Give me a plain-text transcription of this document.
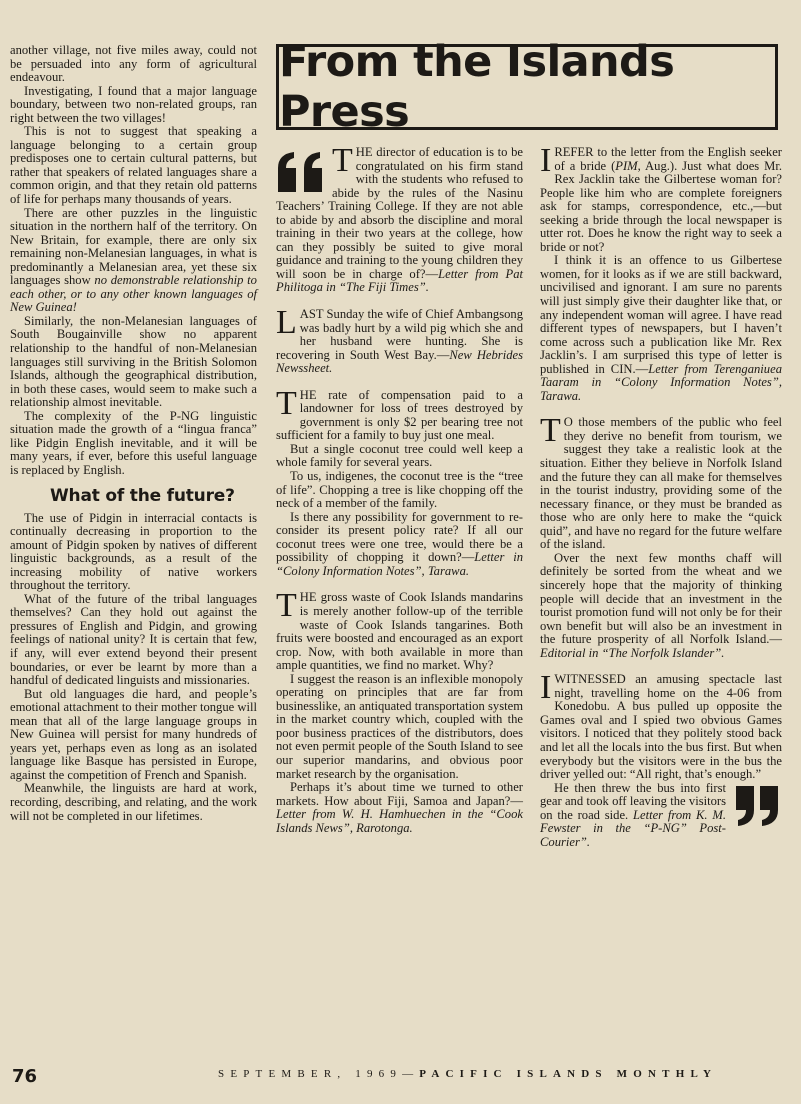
another village, not five miles away, could not be persuaded into any form of agricultural endeavour.

Investigating, I found that a major language boundary, between two non-related groups, ran right between the two villages!

This is not to suggest that speaking a language belonging to a certain group predisposes one to certain cultural patterns, but rather that speakers of related languages share a common origin, and that they retain old patterns of life for perhaps many thousands of years.

There are other puzzles in the linguistic situation in the northern half of the territory. On New Britain, for example, there are only six remaining non-Melanesian languages, in what is predominantly a Melanesian area, yet these six languages show no demonstrable relationship to each other, or to any other known languages of New Guinea!

Similarly, the non-Melanesian languages of South Bougainville show no apparent relationship to the handful of non-Melanesian languages still surviving in the British Solomon Islands, although the geographical distribution, in both these cases, would seem to make such a relationship almost inevitable.

The complexity of the P-NG linguistic situation made the growth of a “lingua franca” like Pidgin English inevitable, and it will be many years, if ever, before this useful language is replaced by English.

What of the future?

The use of Pidgin in interracial contacts is continually decreasing in proportion to the amount of Pidgin spoken by natives of different linguistic backgrounds, as a result of the increasing mobility of native workers throughout the territory.

What of the future of the tribal languages themselves? Can they hold out against the pressures of English and Pidgin, and growing feelings of national unity? It is certain that few, if any, will ever extend beyond their present boundaries, or ever be learnt by more than a handful of dedicated linguists and missionaries.

But old languages die hard, and people’s emotional attachment to their mother tongue will mean that all of the large language groups in New Guinea will persist for many hundreds of years yet, perhaps even as long as an isolated language like Basque has persisted in Europe, against the competition of French and Spanish.

Meanwhile, the linguists are hard at work, recording, describing, and relating, and the work will not be completed in our lifetimes.

From the Islands Press

THE director of education is to be congratulated on his firm stand with the students who refused to abide by the rules of the Nasinu Teachers’ Training College. If they are not able to abide by and absorb the discipline and moral training in their two years at the college, how can they possibly be suited to give moral guidance and training to the young children they will soon be in charge of?—Letter from Pat Philitoga in “The Fiji Times”.

LAST Sunday the wife of Chief Ambangsong was badly hurt by a wild pig which she and her husband were hunting. She is recovering in South West Bay.—New Hebrides Newssheet.

THE rate of compensation paid to a landowner for loss of trees destroyed by government is only $2 per bearing tree not sufficient for a family to buy just one meal.

But a single coconut tree could well keep a whole family for several years.

To us, indigenes, the coconut tree is the “tree of life”. Chopping a tree is like chopping off the neck of a member of the family.

Is there any possibility for government to re-consider its present policy rate? If all our coconut trees were one tree, would there be a possibility of chopping it down?—Letter in “Colony Information Notes”, Tarawa.

THE gross waste of Cook Islands mandarins is merely another follow-up of the terrible waste of Cook Islands tangarines. Both fruits were boosted and encouraged as an export crop. Now, with both available in more than ample quantities, we find no market. Why?

I suggest the reason is an inflexible monopoly operating on principles that are far from businesslike, an antiquated transportation system in the market country which, coupled with the poor business practices of the distributors, does not even permit people of the South Island to see our superior mandarins, and obvious poor market research by the organisation.

Perhaps it’s about time we turned to other markets. How about Fiji, Samoa and Japan?—Letter from W. H. Hamhuechen in the “Cook Islands News”, Rarotonga.

IREFER to the letter from the English seeker of a bride (PIM, Aug.). Just what does Mr. Rex Jacklin take the Gilbertese woman for? People like him who are complete foreigners ask for stamps, correspondence, etc.,—but seeking a bride through the local newspaper is utter rot. Does he know the right way to seek a bride or not?

I think it is an offence to us Gilbertese women, for it looks as if we are still backward, uncivilised and ignorant. I am sure no parents will just simply give their daughter like that, or any independent woman will agree. I have read different types of newspapers, but I haven’t come across such a publication like Mr. Rex Jacklin’s. I am surprised this type of letter is published in CIN.—Letter from Terenganiuea Taaram in “Colony Information Notes”, Tarawa.

TO those members of the public who feel they derive no benefit from tourism, we suggest they take a realistic look at the situation. Either they believe in Norfolk Island and the future they can all make for themselves in the tourist industry, providing some of the necessary finance, or they must be branded as those who are only here to make the “quick quid”, and have no regard for the future welfare of the island.

Over the next few months chaff will definitely be sorted from the wheat and we sincerely hope that the majority of thinking people will decide that an investment in the tourist promotion fund will not only be for their own benefit but will also be an investment in the future prosperity of all Norfolk Island.—Editorial in “The Norfolk Islander”.

IWITNESSED an amusing spectacle last night, travelling home on the 4-06 from Konedobu. A bus pulled up opposite the Games oval and I spied two obvious Games visitors. I noticed that they politely stood back and let all the locals into the bus first. But when everybody but the visitors were in the bus the driver yelled out: “All right, that’s enough.”

He then threw the bus into first gear and took off leaving the visitors on the road side. Letter from K. M. Fewster in the “P-NG” Post-Courier”.

76	SEPTEMBER, 1969—PACIFIC ISLANDS MONTHLY
